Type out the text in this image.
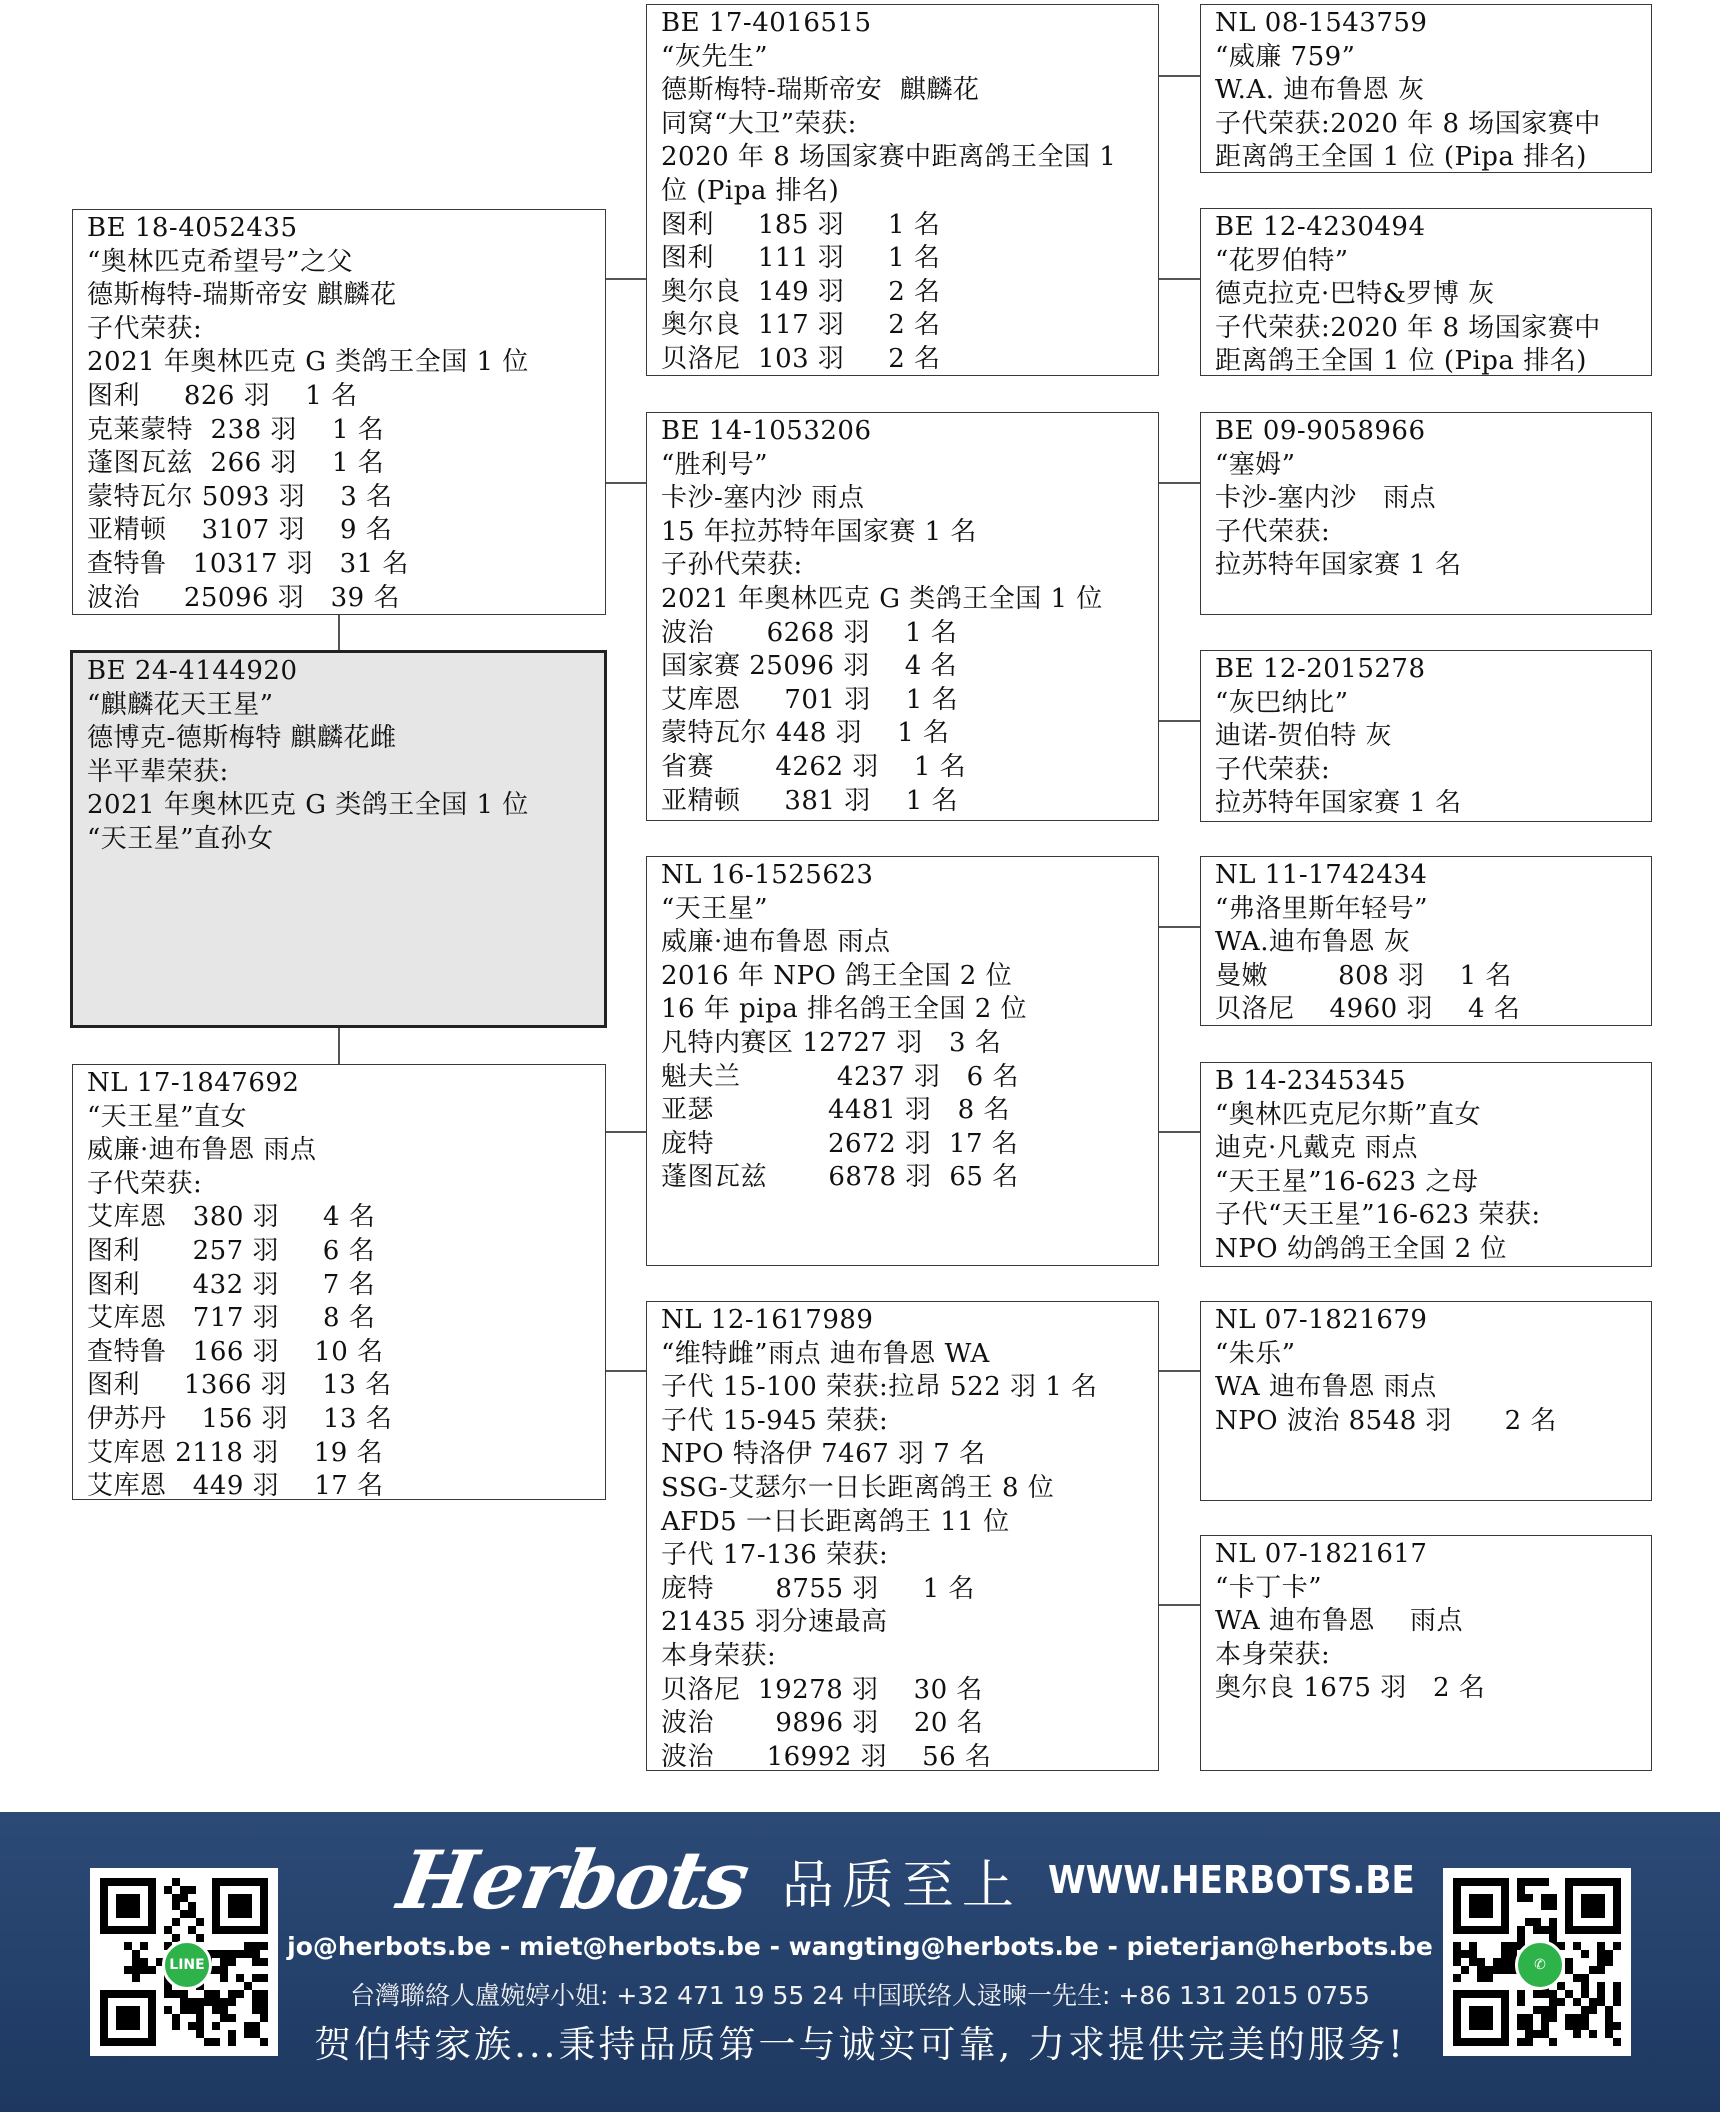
BE 18-4052435
“奥林匹克希望号”之父
德斯梅特-瑞斯帝安 麒麟花
子代荣获:
2021 年奥林匹克 G 类鸽王全国 1 位
图利     826 羽    1 名
克莱蒙特  238 羽    1 名
蓬图瓦兹  266 羽    1 名
蒙特瓦尔 5093 羽    3 名
亚精顿    3107 羽    9 名
查特鲁   10317 羽   31 名
波治     25096 羽   39 名
BE 24-4144920
“麒麟花天王星”
德博克-德斯梅特 麒麟花雌
半平辈荣获:
2021 年奥林匹克 G 类鸽王全国 1 位
“天王星”直孙女
NL 17-1847692
“天王星”直女
威廉·迪布鲁恩 雨点
子代荣获:
艾库恩   380 羽     4 名
图利      257 羽     6 名
图利      432 羽     7 名
艾库恩   717 羽     8 名
查特鲁   166 羽    10 名
图利     1366 羽    13 名
伊苏丹    156 羽    13 名
艾库恩 2118 羽    19 名
艾库恩   449 羽    17 名
BE 17-4016515
“灰先生”
德斯梅特-瑞斯帝安  麒麟花
同窝“大卫”荣获:
2020 年 8 场国家赛中距离鸽王全国 1
位 (Pipa 排名)
图利     185 羽     1 名
图利     111 羽     1 名
奥尔良  149 羽     2 名
奥尔良  117 羽     2 名
贝洛尼  103 羽     2 名
BE 14-1053206
“胜利号”
卡沙-塞内沙 雨点
15 年拉苏特年国家赛 1 名
子孙代荣获:
2021 年奥林匹克 G 类鸽王全国 1 位
波治      6268 羽    1 名
国家赛 25096 羽    4 名
艾库恩     701 羽    1 名
蒙特瓦尔 448 羽    1 名
省赛       4262 羽    1 名
亚精顿     381 羽    1 名
NL 16-1525623
“天王星”
威廉·迪布鲁恩 雨点
2016 年 NPO 鸽王全国 2 位
16 年 pipa 排名鸽王全国 2 位
凡特内赛区 12727 羽   3 名
魁夫兰           4237 羽   6 名
亚瑟             4481 羽   8 名
庞特             2672 羽  17 名
蓬图瓦兹       6878 羽  65 名
NL 12-1617989
“维特雌”雨点 迪布鲁恩 WA
子代 15-100 荣获:拉昂 522 羽 1 名
子代 15-945 荣获:
NPO 特洛伊 7467 羽 7 名
SSG-艾瑟尔一日长距离鸽王 8 位
AFD5 一日长距离鸽王 11 位
子代 17-136 荣获:
庞特       8755 羽     1 名
21435 羽分速最高
本身荣获:
贝洛尼  19278 羽    30 名
波治       9896 羽    20 名
波治      16992 羽    56 名
NL 08-1543759
“威廉 759”
W.A. 迪布鲁恩 灰
子代荣获:2020 年 8 场国家赛中
距离鸽王全国 1 位 (Pipa 排名)
BE 12-4230494
“花罗伯特”
德克拉克·巴特&罗博 灰
子代荣获:2020 年 8 场国家赛中
距离鸽王全国 1 位 (Pipa 排名)
BE 09-9058966
“塞姆”
卡沙-塞内沙   雨点
子代荣获:
拉苏特年国家赛 1 名
BE 12-2015278
“灰巴纳比”
迪诺-贺伯特 灰
子代荣获:
拉苏特年国家赛 1 名
NL 11-1742434
“弗洛里斯年轻号”
WA.迪布鲁恩 灰
曼嫩        808 羽    1 名
贝洛尼    4960 羽    4 名
B 14-2345345
“奥林匹克尼尔斯”直女
迪克·凡戴克 雨点
“天王星”16-623 之母
子代“天王星”16-623 荣获:
NPO 幼鸽鸽王全国 2 位
NL 07-1821679
“朱乐”
WA 迪布鲁恩 雨点
NPO 波治 8548 羽      2 名
NL 07-1821617
“卡丁卡”
WA 迪布鲁恩    雨点
本身荣获:
奥尔良 1675 羽   2 名
LINE	✆
Herbots 品质至上 WWW.HERBOTS.BE
jo@herbots.be - miet@herbots.be - wangting@herbots.be - pieterjan@herbots.be
台灣聯絡人盧婉婷小姐: +32 471 19 55 24 中国联络人逯暕一先生: +86 131 2015 0755
贺伯特家族...秉持品质第一与诚实可靠, 力求提供完美的服务!
